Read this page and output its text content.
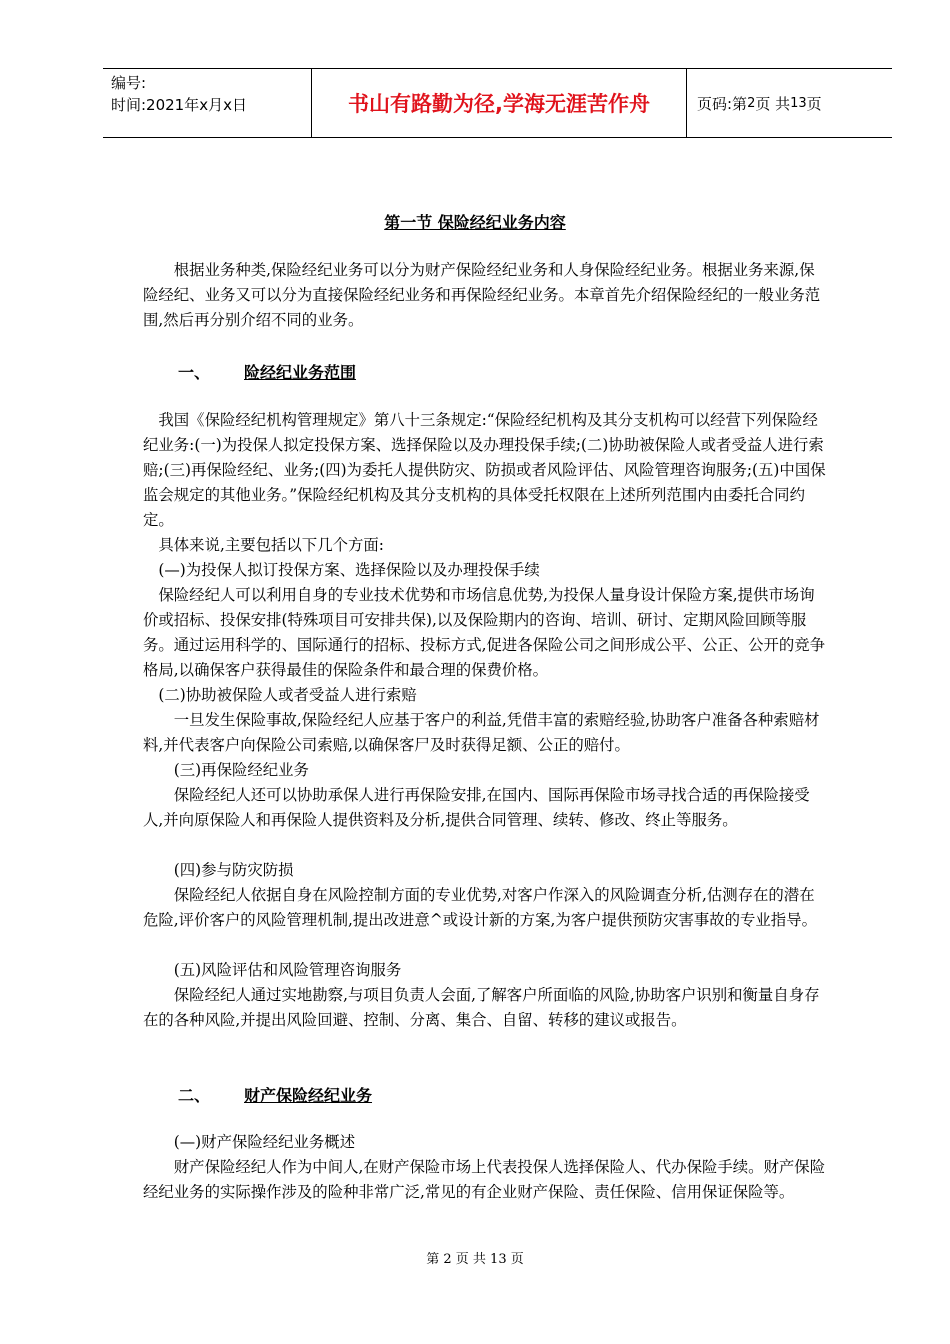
编号:
时间:2021年x月x日	书山有路勤为径,学海无涯苦作舟	页码:第 2 页 共 13 页
第一节 保险经纪业务内容

　　根据业务种类,保险经纪业务可以分为财产保险经纪业务和人身保险经纪业务。根据业务来源,保险经纪、业务又可以分为直接保险经纪业务和再保险经纪业务。本章首先介绍保险经纪的一般业务范围,然后再分别介绍不同的业务。

一、 险经纪业务范围

　我国《保险经纪机构管理规定》第八十三条规定:“保险经纪机构及其分支机构可以经营下列保险经纪业务:(一)为投保人拟定投保方案、选择保险以及办理投保手续;(二)协助被保险人或者受益人进行索赔;(三)再保险经纪、业务;(四)为委托人提供防灾、防损或者风险评估、风险管理咨询服务;(五)中国保监会规定的其他业务。”保险经纪机构及其分支机构的具体受托权限在上述所列范围内由委托合同约定。

　具体来说,主要包括以下几个方面:

　(—)为投保人拟订投保方案、选择保险以及办理投保手续

　保险经纪人可以利用自身的专业技术优势和市场信息优势,为投保人量身设计保险方案,提供市场询价或招标、投保安排(特殊项目可安排共保),以及保险期内的咨询、培训、研讨、定期风险回顾等服务。通过运用科学的、国际通行的招标、投标方式,促进各保险公司之间形成公平、公正、公开的竞争格局,以确保客户获得最佳的保险条件和最合理的保费价格。

　(二)协助被保险人或者受益人进行索赔

　　一旦发生保险事故,保险经纪人应基于客户的利益,凭借丰富的索赔经验,协助客户准备各种索赔材料,并代表客户向保险公司索赔,以确保客尸及时获得足额、公正的赔付。

　　(三)再保险经纪业务

　　保险经纪人还可以协助承保人进行再保险安排,在国内、国际再保险市场寻找合适的再保险接受人,并向原保险人和再保险人提供资料及分析,提供合同管理、续转、修改、终止等服务。

　　(四)参与防灾防损

　　保险经纪人依据自身在风险控制方面的专业优势,对客户作深入的风险调查分析,估测存在的潜在危险,评价客户的风险管理机制,提出改进意^或设计新的方案,为客户提供预防灾害事故的专业指导。

　　(五)风险评估和风险管理咨询服务

　　保险经纪人通过实地勘察,与项目负责人会面,了解客户所面临的风险,协助客户识别和衡量自身存在的各种风险,并提出风险回避、控制、分离、集合、自留、转移的建议或报告。

二、 财产保险经纪业务

　　(—)财产保险经纪业务概述

　　财产保险经纪人作为中间人,在财产保险市场上代表投保人选择保险人、代办保险手续。财产保险经纪业务的实际操作涉及的险种非常广泛,常见的有企业财产保险、责任保险、信用保证保险等。

第 2 页 共 13 页
